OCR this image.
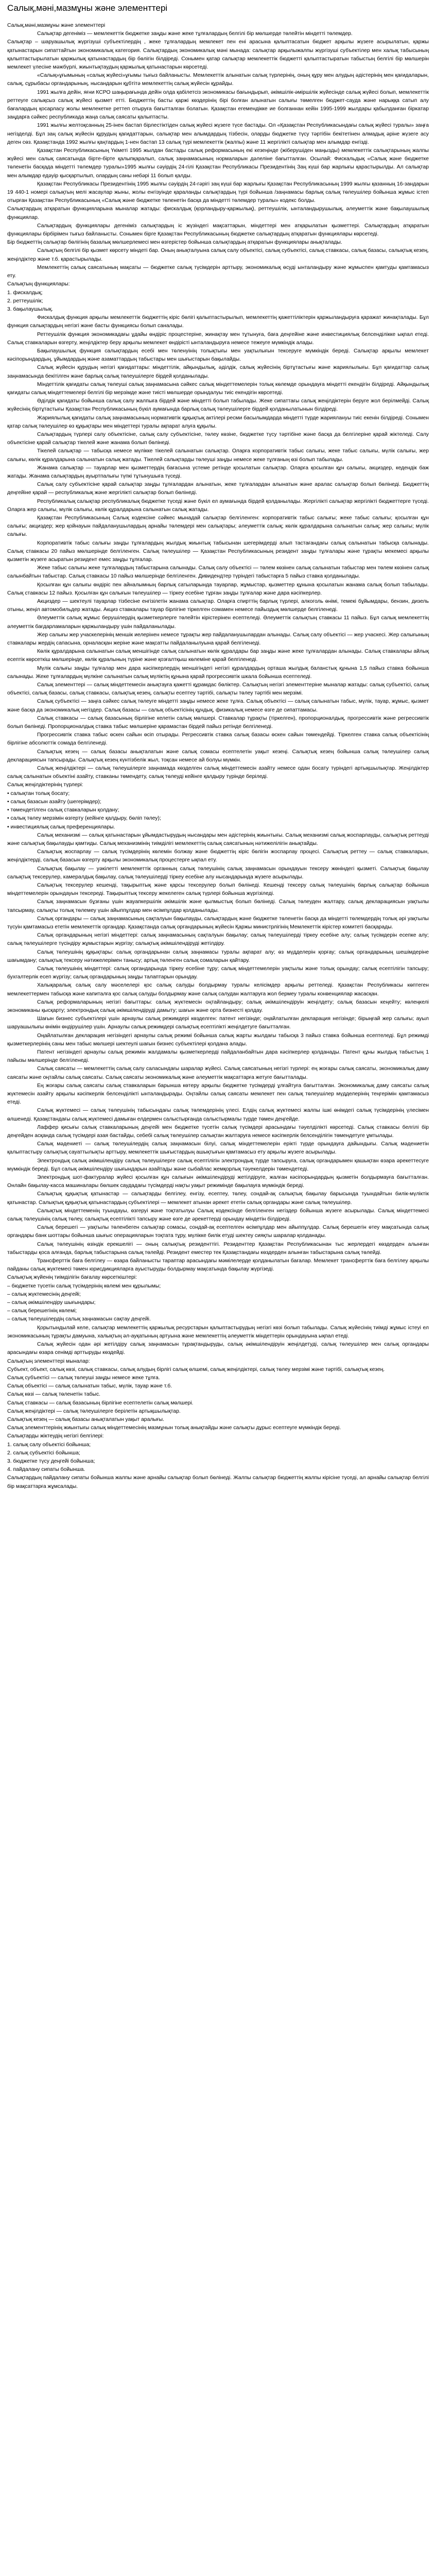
Салық,мәні,мазмұны және элементтері

Салық,мәні,мазмұны және элементтері

Салықтар дегеніміз — мемлекеттік бюджетке заңды және жеке тұлғалардың белгілі бір мөлшерде төлейтін міндетті төлемдер.

Салықтар – шаруашылық жүргізуші субъектілердің , жеке тұлғалардың мемлекет пен ені арасына қалыптасатын бюджет арқылы жүзеге асырылатын, қаржы қатынастарын сипаттайтын экономикалық категория. Салықтардың экономикалық мәні мынада: салықтар арқылыжалпы жүргізуші субъектілер мен халық табысының қалыптастырылатын қаржылық қатынастардың бір бөлігін білдіреді. Сонымен қатар салықтар мемлекеттік бюджетті қалыптастыратын табыстың белгілі бір мөлшерін мемлекет үлесіне мәжбүрлі, жиынтықтаудың қаржылық қатынастарын көрсетеді.

«Салық»ұғымының «салық жүйесі»ұғымы тығыз байланысты. Мемлекеттік алынатын салық түрлерінің, оның құру мен алудың әдістерінің мен қағидаларын, салық, сұрыбасы органдарының, нысандарын құбтітә мемлекеттің салық жүйесін құрайды.

1991 жылға дейін, яғни КСРО шаңырағында дейін олда қабілетсіз экономикасы бағындырып, әкімшілік-әміршілік жүйесінде салық жүйесі болып, мемлекеттік реттеуге салықсыз салық жүйесі қызмет етті. Бюджеттің басты қаржі көздерінің бірі болған алынатын салығы төмелген бюджет-сауда және нарыққа сатып алу бағалардың қосарласу жолы мемлекетке реттеп отыруға бағытталған болатын. Қазақстан егемендікке ие болғаннан кейін 1995-1999 жылдары қабылданған біркатар заңдарға сәйкес республикада жаңа салық саясаты қалыптасты.

1991 жылғы желтоқсанның 25-інен бастап бірлестіктіден салық жүйесі жүзеге түсе бастады. Ол «Қазақстан Республикасындағы салық жүйесі туралы» заңға негізделді. Бұл заң салық жүйесін құрудың қағидаттарын, салықтар мен алымдардың тізбесін, оларды бюджетке түсу тәртібін бекітетінен алмадық әріне жүзеге асу деген сөз. Қазақстанда 1992 жылғы қаңтардың 1-нен бастап 13 салық түрі мемлекеттік (жалпы) және 11 жергілікті салықтар мен алымдар енгізді.

Қазақстан Республикасының Үкіметі 1995 жылдан бастады салық реформасының екі кезеңінде (жіберушіден маңызды) мемлекеттік салықтарының жалпы жүйесі мен салық саясатында бірте-бірте қалыпқаралып, салық заңнамасының нормаларын дәлеліне бағытталған. Осылай: Фискальдық «Салық және бюджетке төленетін басқада міндетті төлемдер туралы»1995 жылғы сәуірдің 24-гілі Қазақстан Республикасы Президентінің Заң күші бар жарлығы қарастырылды. Ал салықтар мен алымдар едәуір қысқартылып, олардың саны небәрі 11 болып қалды.

Қазақстан Республикасы Президентінің 1995 жылғы сәуірдің 24-гәрігі заң күші бар жарлығы Қазақстан Республикасының 1999 жылғы қазанның 16-зандарын 19 440-1 номері салықтың мелі жасаулар жыны, жолы енгізуінде қараланды салықтардың түрі бойынша /заңнамасы барлық салық төлеушілер бойынша жұмыс істеп отырған Қазақстан Республикасының «Салық және бюджетке төленетін басқа да міндетті төлемдер туралы» кодекс болды.

Салықтардың атқаратын функцияларына мыналар жатады: фискалдық (қорландыру-қаржылық), реттеушілік, ынталандырушылық, әлеуметтік және бақылаушылық функциялар.

Салықтардың функциялары дегеніміз салықтардың іс жүзіндегі мақсаттарын, міндеттері мен атқарылатын қызметтері. Салықтардың атқаратын функциялары бірбірімен тығыз байланысты. Сонымен бірге Қазақстан Республикасының бюджетке салықтардың атқаратын функциялары көрсетеді.

Бір бюджеттің салықтар бөлігінің базалық мөлшерлемесі мен өзгерістер бойынша салықтардың атқаратын функциялары анықталады.

Салықтың белгілі бір қызмет көрсету міндеті бар. Оның анықталуына салық салу объектісі, салық субъектісі, салық ставкасы, салық базасы, салықтық кезең, жеңілдіктер және т.б. қарастырылады.

Мемлекеттің салық саясатының мақсаты — бюджетке салық түсімдерін арттыру, экономикалық өсуді ынталандыру және жұмыспен қамтуды қамтамасыз ету.

Салықтың функциялары:

1. фискалдық;

2. реттеушілік;

3. бақылаушылық.

Фискалдық функция арқылы мемлекеттік бюджеттің кіріс бөлігі қалыптастырылып, мемлекеттің қажеттіліктерін қаржыландыруға қаражат жинақталады. Бұл функция салықтардың негізгі және басты функциясы болып саналады.

Реттеушілік функция экономикадағы ұдайы өндіріс процестеріне, жинақтау мен тұтынуға, баға деңгейіне және инвестициялық белсенділікке ықпал етеді. Салық ставкаларын өзгерту, жеңілдіктер беру арқылы мемлекет өндірісті ынталандыруға немесе тежеуге мүмкіндік алады.

Бақылаушылық функция салықтардың есебі мен төленуінің толықтығы мен уақтылығын тексеруге мүмкіндік береді. Салықтар арқылы мемлекет кәсіпорындардың, ұйымдардың және азаматтардың табыстары мен шығыстарын бақылайды.

Салық жүйесін құрудың негізгі қағидаттары: міндеттілік, айқындылық, әділдік, салық жүйесінің біртұтастығы және жариялылығы. Бұл қағидаттар салық заңнамасында бекітілген және барлық салық төлеушілерге бірдей қолданылады.

Міндеттілік қағидаты салық төлеуші салық заңнамасына сәйкес салық міндеттемелерін толық көлемде орындауға міндетті екендігін білдіреді. Айқындылық қағидаты салық міндеттемелері белгілі бір мерзімде және тиісті мөлшерде орындалуы тиіс екендігін көрсетеді.

Әділдік қағидаты бойынша салық салу жалпыға бірдей және міндетті болып табылады. Жеке сипаттағы салық жеңілдіктерін беруге жол берілмейді. Салық жүйесінің біртұтастығы Қазақстан Республикасының бүкіл аумағында барлық салық төлеушілерге бірдей қолданылатынын білдіреді.

Жариялылық қағидаты салық заңнамасының нормативтік құқықтық актілері ресми басылымдарда міндетті түрде жариялануы тиіс екенін білдіреді. Сонымен қатар салық төлеушілер өз құқықтары мен міндеттері туралы ақпарат алуға құқылы.

Салықтардың түрлері салу объектісіне, салық салу субъектісіне, төлеу көзіне, бюджетке түсу тәртібіне және басқа да белгілеріне қарай жіктеледі. Салу объектісіне қарай салықтар тікелей және жанама болып бөлінеді.

Тікелей салықтар — табысқа немесе мүлікке тікелей салынатын салықтар. Оларға корпоративтік табыс салығы, жеке табыс салығы, мүлік салығы, жер салығы, көлік құралдарына салынатын салық жатады. Тікелей салықтарды төлеуші заңды немесе жеке тұлғаның өзі болып табылады.

Жанама салықтар — тауарлар мен қызметтердің бағасына үстеме ретінде қосылатын салықтар. Оларға қосылған құн салығы, акциздер, кедендік баж жатады. Жанама салықтардың ауыртпалығы түпкі тұтынушыға түседі.

Салық салу субъектісіне қарай салықтар заңды тұлғалардан алынатын, жеке тұлғалардан алынатын және аралас салықтар болып бөлінеді. Бюджеттің деңгейіне қарай — республикалық және жергілікті салықтар болып бөлінеді.

Республикалық салықтар республикалық бюджетке түседі және бүкіл ел аумағында бірдей қолданылады. Жергілікті салықтар жергілікті бюджеттерге түседі. Оларға жер салығы, мүлік салығы, көлік құралдарына салынатын салық жатады.

Қазақстан Республикасының Салық кодексіне сәйкес мынадай салықтар белгіленген: корпоративтік табыс салығы; жеке табыс салығы; қосылған құн салығы; акциздер; жер қойнауын пайдаланушылардың арнайы төлемдері мен салықтары; әлеуметтік салық; көлік құралдарына салынатын салық; жер салығы; мүлік салығы.

Корпоративтік табыс салығы заңды тұлғалардың жылдық жиынтық табысынан шегерімдерді алып тастағандағы салық салынатын табысқа салынады. Салық ставкасы 20 пайыз мөлшерінде белгіленген. Салық төлеушілер — Қазақстан Республикасының резидент заңды тұлғалары және тұрақты мекемесі арқылы қызметін жүзеге асыратын резидент емес заңды тұлғалар.

Жеке табыс салығы жеке тұлғалардың табыстарына салынады. Салық салу объектісі — төлем көзінен салық салынатын табыстар мен төлем көзінен салық салынбайтын табыстар. Салық ставкасы 10 пайыз мөлшерінде белгіленген. Дивидендтер түріндегі табыстарға 5 пайыз ставка қолданылады.

Қосылған құн салығы өндіріс пен айналымның барлық сатыларында тауарлар, жұмыстар, қызметтер құнына қосылатын жанама салық болып табылады. Салық ставкасы 12 пайыз. Қосылған құн салығын төлеушілер — тіркеу есебіне тұрған заңды тұлғалар және дара кәсіпкерлер.

Акциздер — шектеулі тауарлар тізбесіне енгізілетін жанама салықтар. Оларға спирттің барлық түрлері, алкоголь өнімі, темекі бұйымдары, бензин, дизель отыны, жеңіл автомобильдер жатады. Акциз ставкалары тауар бірлігіне тіркелген сомамен немесе пайыздық мөлшерде белгіленеді.

Әлеуметтік салық жұмыс берушілердің қызметкерлерге төлейтін кірістерінен есептеледі. Әлеуметтік салықтың ставкасы 11 пайыз. Бұл салық мемлекеттің әлеуметтік бағдарламаларын қаржыландыру үшін пайдаланылады.

Жер салығы жер учаскелерінің меншік иелерінен немесе тұрақты жер пайдаланушылардан алынады. Салық салу объектісі — жер учаскесі. Жер салығының ставкалары жердің сапасына, орналасқан жеріне және мақсатты пайдаланылуына қарай белгіленеді.

Көлік құралдарына салынатын салық меншігінде салық салынатын көлік құралдары бар заңды және жеке тұлғалардан алынады. Салық ставкалары айлық есептік көрсеткіш мөлшерінде, көлік құралының түріне және қозғалтқыш көлеміне қарай белгіленеді.

Мүлік салығы заңды тұлғалар мен дара кәсіпкерлердің меншігіндегі негізгі құралдардың орташа жылдық баланстық құнына 1,5 пайыз ставка бойынша салынады. Жеке тұлғалардың мүлкіне салынатын салық мүліктің құнына қарай прогрессивтік шкала бойынша есептеледі.

Салық элементтері — салық міндеттемесін анықтауға қажетті құрамдас бөліктер. Салықтың негізгі элементтеріне мыналар жатады: салық субъектісі, салық объектісі, салық базасы, салық ставкасы, салықтық кезең, салықты есептеу тәртібі, салықты төлеу тәртібі мен мерзімі.

Салық субъектісі — заңға сәйкес салық төлеуге міндетті заңды немесе жеке тұлға. Салық объектісі — салық салынатын табыс, мүлік, тауар, жұмыс, қызмет және басқа да экономикалық негіздер. Салық базасы — салық объектісінің құндық, физикалық немесе өзге де сипаттамасы.

Салық ставкасы — салық базасының бірлігіне келетін салық мөлшері. Ставкалар тұрақты (тіркелген), пропорционалдық, прогрессивтік және регрессивтік болып бөлінеді. Пропорционалдық ставка табыс мөлшеріне қарамастан бірдей пайыз ретінде белгіленеді.

Прогрессивтік ставка табыс өскен сайын өсіп отырады. Регрессивтік ставка салық базасы өскен сайын төмендейді. Тіркелген ставка салық объектісінің бірлігіне абсолюттік сомада белгіленеді.

Салықтық кезең — салық базасы анықталатын және салық сомасы есептелетін уақыт кезеңі. Салықтық кезең бойынша салық төлеушілер салық декларациясын тапсырады. Салықтық кезең күнтізбелік жыл, тоқсан немесе ай болуы мүмкін.

Салық жеңілдіктері — салық төлеушілерге заңнамада көзделген салық міндеттемесін азайту немесе одан босату түріндегі артықшылықтар. Жеңілдіктер салық салынатын объектіні азайту, ставканы төмендету, салық төлеуді кейінге қалдыру түрінде беріледі.

Салық жеңілдіктерінің түрлері:

• салықтан толық босату;

• салық базасын азайту (шегерімдер);

• төмендетілген салық ставкаларын қолдану;

• салық төлеу мерзімін өзгерту (кейінге қалдыру, бөліп төлеу);

• инвестициялық салық преференциялары.

Салық механизмі — салық қатынастарын ұйымдастырудың нысандары мен әдістерінің жиынтығы. Салық механизмі салық жоспарлауды, салықтық реттеуді және салықтық бақылауды қамтиды. Салық механизмінің тиімділігі мемлекеттің салық саясатының нәтижелілігін анықтайды.

Салықтық жоспарлау — салық түсімдерінің көлемін болжау және бюджеттің кіріс бөлігін жоспарлау процесі. Салықтық реттеу — салық ставкаларын, жеңілдіктерді, салық базасын өзгерту арқылы экономикалық процестерге ықпал ету.

Салықтық бақылау — уәкілетті мемлекеттік органның салық төлеушінің салық заңнамасын орындауын тексеру жөніндегі қызметі. Салықтық бақылау салықтық тексерулер, камералдық бақылау, салық төлеушілерді тіркеу есебіне алу нысандарында жүзеге асырылады.

Салықтық тексерулер кешенді, тақырыптық және қарсы тексерулер болып бөлінеді. Кешенді тексеру салық төлеушінің барлық салықтар бойынша міндеттемелерін орындауын тексереді. Тақырыптық тексеру жекелеген салық түрлері бойынша жүргізіледі.

Салық заңнамасын бұзғаны үшін жауапкершілік әкімшілік және қылмыстық болып бөлінеді. Салық төлеуден жалтару, салық декларациясын уақтылы тапсырмау, салықты толық төлемеу үшін айыппұлдар мен өсімпұлдар қолданылады.

Салық органдары — салық заңнамасының сақталуын бақылауды, салықтардың және бюджетке төленетін басқа да міндетті төлемдердің толық әрі уақтылы түсуін қамтамасыз ететін мемлекеттік органдар. Қазақстанда салық органдарының жүйесін Қаржы министрлігінің Мемлекеттік кірістер комитеті басқарады.

Салық органдарының негізгі міндеттері: салық заңнамасының сақталуын бақылау; салық төлеушілерді тіркеу есебіне алу; салық түсімдерін есепке алу; салық төлеушілерге түсіндіру жұмыстарын жүргізу; салықтық әкімшілендіруді жетілдіру.

Салық төлеушінің құқықтары: салық органдарынан салық заңнамасы туралы ақпарат алу; өз мүдделерін қорғау; салық органдарының шешімдеріне шағымдану; салықтық тексеру нәтижелерімен танысу; артық төленген салық сомаларын қайтару.

Салық төлеушінің міндеттері: салық органдарында тіркеу есебіне тұру; салық міндеттемелерін уақтылы және толық орындау; салық есептілігін тапсыру; бухгалтерлік есеп жүргізу; салық органдарының заңды талаптарын орындау.

Халықаралық салық салу мәселелері қос салық салуды болдырмау туралы келісімдер арқылы реттеледі. Қазақстан Республикасы көптеген мемлекеттермен табысқа және капиталға қос салық салуды болдырмау және салық салудан жалтаруға жол бермеу туралы конвенциялар жасасқан.

Салық реформаларының негізгі бағыттары: салық жүктемесін оңтайландыру; салық әкімшілендіруін жеңілдету; салық базасын кеңейту; көлеңкелі экономиканы қысқарту; электрондық салық әкімшілендіруді дамыту; шағын және орта бизнесті қолдау.

Шағын бизнес субъектілері үшін арнаулы салық режимдері көзделген: патент негізінде; оңайлатылған декларация негізінде; бірыңғай жер салығы; ауыл шаруашылығы өнімін өндірушілер үшін. Арнаулы салық режимдері салықтық есептілікті жеңілдетуге бағытталған.

Оңайлатылған декларация негізіндегі арнаулы салық режимі бойынша салық жарты жылдағы табысқа 3 пайыз ставка бойынша есептеледі. Бұл режимді қызметкерлерінің саны мен табыс мөлшері шектеулі шағын бизнес субъектілері қолдана алады.

Патент негізіндегі арнаулы салық режимін жалдамалы қызметкерлерді пайдаланбайтын дара кәсіпкерлер қолданады. Патент құны жылдық табыстың 1 пайызы мөлшерінде белгіленеді.

Салық саясаты — мемлекеттің салық салу саласындағы шаралар жүйесі. Салық саясатының негізгі түрлері: ең жоғары салық саясаты, экономикалық даму саясаты және оңтайлы салық саясаты. Салық саясаты экономикалық және әлеуметтік мақсаттарға жетуге бағытталады.

Ең жоғары салық саясаты салық ставкаларын барынша көтеру арқылы бюджетке түсімдерді ұлғайтуға бағытталған. Экономикалық даму саясаты салық жүктемесін азайту арқылы кәсіпкерлік белсенділікті ынталандырады. Оңтайлы салық саясаты мемлекет пен салық төлеушілер мүдделерінің теңгерімін қамтамасыз етеді.

Салық жүктемесі — салық төлеушінің табысындағы салық төлемдерінің үлесі. Елдің салық жүктемесі жалпы ішкі өнімдегі салық түсімдерінің үлесімен өлшенеді. Қазақстандағы салық жүктемесі дамыған елдермен салыстырғанда салыстырмалы түрде төмен деңгейде.

Лаффер қисығы салық ставкаларының деңгейі мен бюджетке түсетін салық түсімдері арасындағы тәуелділікті көрсетеді. Салық ставкасы белгілі бір деңгейден асқанда салық түсімдері азая бастайды, себебі салық төлеушілер салықтан жалтаруға немесе кәсіпкерлік белсенділігін төмендетуге ұмтылады.

Салық мәдениеті — салық төлеушілердің салық заңнамасын білуі, салық міндеттемелерін ерікті түрде орындауға дайындығы. Салық мәдениетін қалыптастыру салықтық сауаттылықты арттыру, мемлекеттік шығыстардың ашықтығын қамтамасыз ету арқылы жүзеге асырылады.

Электрондық салық әкімшілендіру салық төлеушілерге салық есептілігін электрондық түрде тапсыруға, салық органдарымен қашықтан өзара әрекеттесуге мүмкіндік береді. Бұл салық әкімшілендіру шығындарын азайтады және сыбайлас жемқорлық тәуекелдерін төмендетеді.

Электрондық шот-фактуралар жүйесі қосылған құн салығын әкімшілендіруді жетілдіруге, жалған кәсіпорындардың қызметін болдырмауға бағытталған. Онлайн бақылау-касса машиналары бөлшек саудадағы түсімдерді нақты уақыт режимінде бақылауға мүмкіндік береді.

Салықтық құқықтық қатынастар — салықтарды белгілеу, енгізу, есептеу, төлеу, сондай-ақ салықтық бақылау барысында туындайтын билік-мүліктік қатынастар. Салықтық құқықтық қатынастардың субъектілері — мемлекет атынан әрекет ететін салық органдары және салық төлеушілер.

Салықтық міндеттеменің туындауы, өзгеруі және тоқтатылуы Салық кодексінде белгіленген негіздер бойынша жүзеге асырылады. Салық міндеттемесі салық төлеушінің салық төлеу, салықтық есептілікті тапсыру және өзге де әрекеттерді орындау міндетін білдіреді.

Салық берешегі — уақтылы төленбеген салықтар сомасы, сондай-ақ есептелген өсімпұлдар мен айыппұлдар. Салық берешегін өтеу мақсатында салық органдары банк шоттары бойынша шығыс операцияларын тоқтата тұру, мүлікке билік етуді шектеу сияқты шаралар қолданады.

Салық төлеушінің өзіндік ерекшелігі — оның салықтық резиденттігі. Резиденттер Қазақстан Республикасынан тыс жерлердегі көздерден алынған табыстарды қоса алғанда, барлық табыстарына салық төлейді. Резидент еместер тек Қазақстандағы көздерден алынған табыстарына салық төлейді.

Трансферттік баға белгілеу — өзара байланысты тараптар арасындағы мәмілелерде қолданылатын бағалар. Мемлекет трансферттік баға белгілеу арқылы пайданы салық жүктемесі төмен юрисдикцияларға ауыстыруды болдырмау мақсатында бақылау жүргізеді.

Салықтық жүйенің тиімділігін бағалау көрсеткіштері:

– бюджетке түсетін салық түсімдерінің көлемі мен құрылымы;

– салық жүктемесінің деңгейі;

– салық әкімшілендіру шығындары;

– салық берешегінің көлемі;

– салық төлеушілердің салық заңнамасын сақтау деңгейі.

Қорытындылай келе, салықтар мемлекеттің қаржылық ресурстарын қалыптастырудың негізгі көзі болып табылады. Салық жүйесінің тиімді жұмыс істеуі ел экономикасының тұрақты дамуына, халықтың әл-ауқатының артуына және мемлекеттің әлеуметтік міндеттерін орындауына ықпал етеді.

Салық жүйесін одан әрі жетілдіру салық заңнамасын тұрақтандыруды, салық әкімшілендіруін жеңілдетуді, салық төлеушілер мен салық органдары арасындағы өзара сенімді арттыруды көздейді.

Салықтың элементтері мыналар:

Субъект, объект, салық көзі, салық ставкасы, салық алудың бірлігі салық өлшемі, салық жеңілдіктері, салық төлеу мерзімі және тәртібі, салықтық кезең.

Салық субъектісі — салық төлеуші заңды немесе жеке тұлға.

Салық объектісі — салық салынатын табыс, мүлік, тауар және т.б.

Салық көзі — салық төленетін табыс.

Салық ставкасы — салық базасының бірлігіне есептелетін салық мөлшері.

Салық жеңілдіктері — салық төлеушілерге берілетін артықшылықтар.

Салықтық кезең — салық базасы анықталатын уақыт аралығы.

Салық элементтерінің жиынтығы салық міндеттемесінің мазмұнын толық анықтайды және салықты дұрыс есептеуге мүмкіндік береді.

Салықтарды жіктеудің негізгі белгілері:

1. салық салу объектісі бойынша;

2. салық субъектісі бойынша;

3. бюджетке түсу деңгейі бойынша;

4. пайдалану сипаты бойынша.

Салықтардың пайдалану сипаты бойынша жалпы және арнайы салықтар болып бөлінеді. Жалпы салықтар бюджеттің жалпы кірісіне түседі, ал арнайы салықтар белгілі бір мақсаттарға жұмсалады.
